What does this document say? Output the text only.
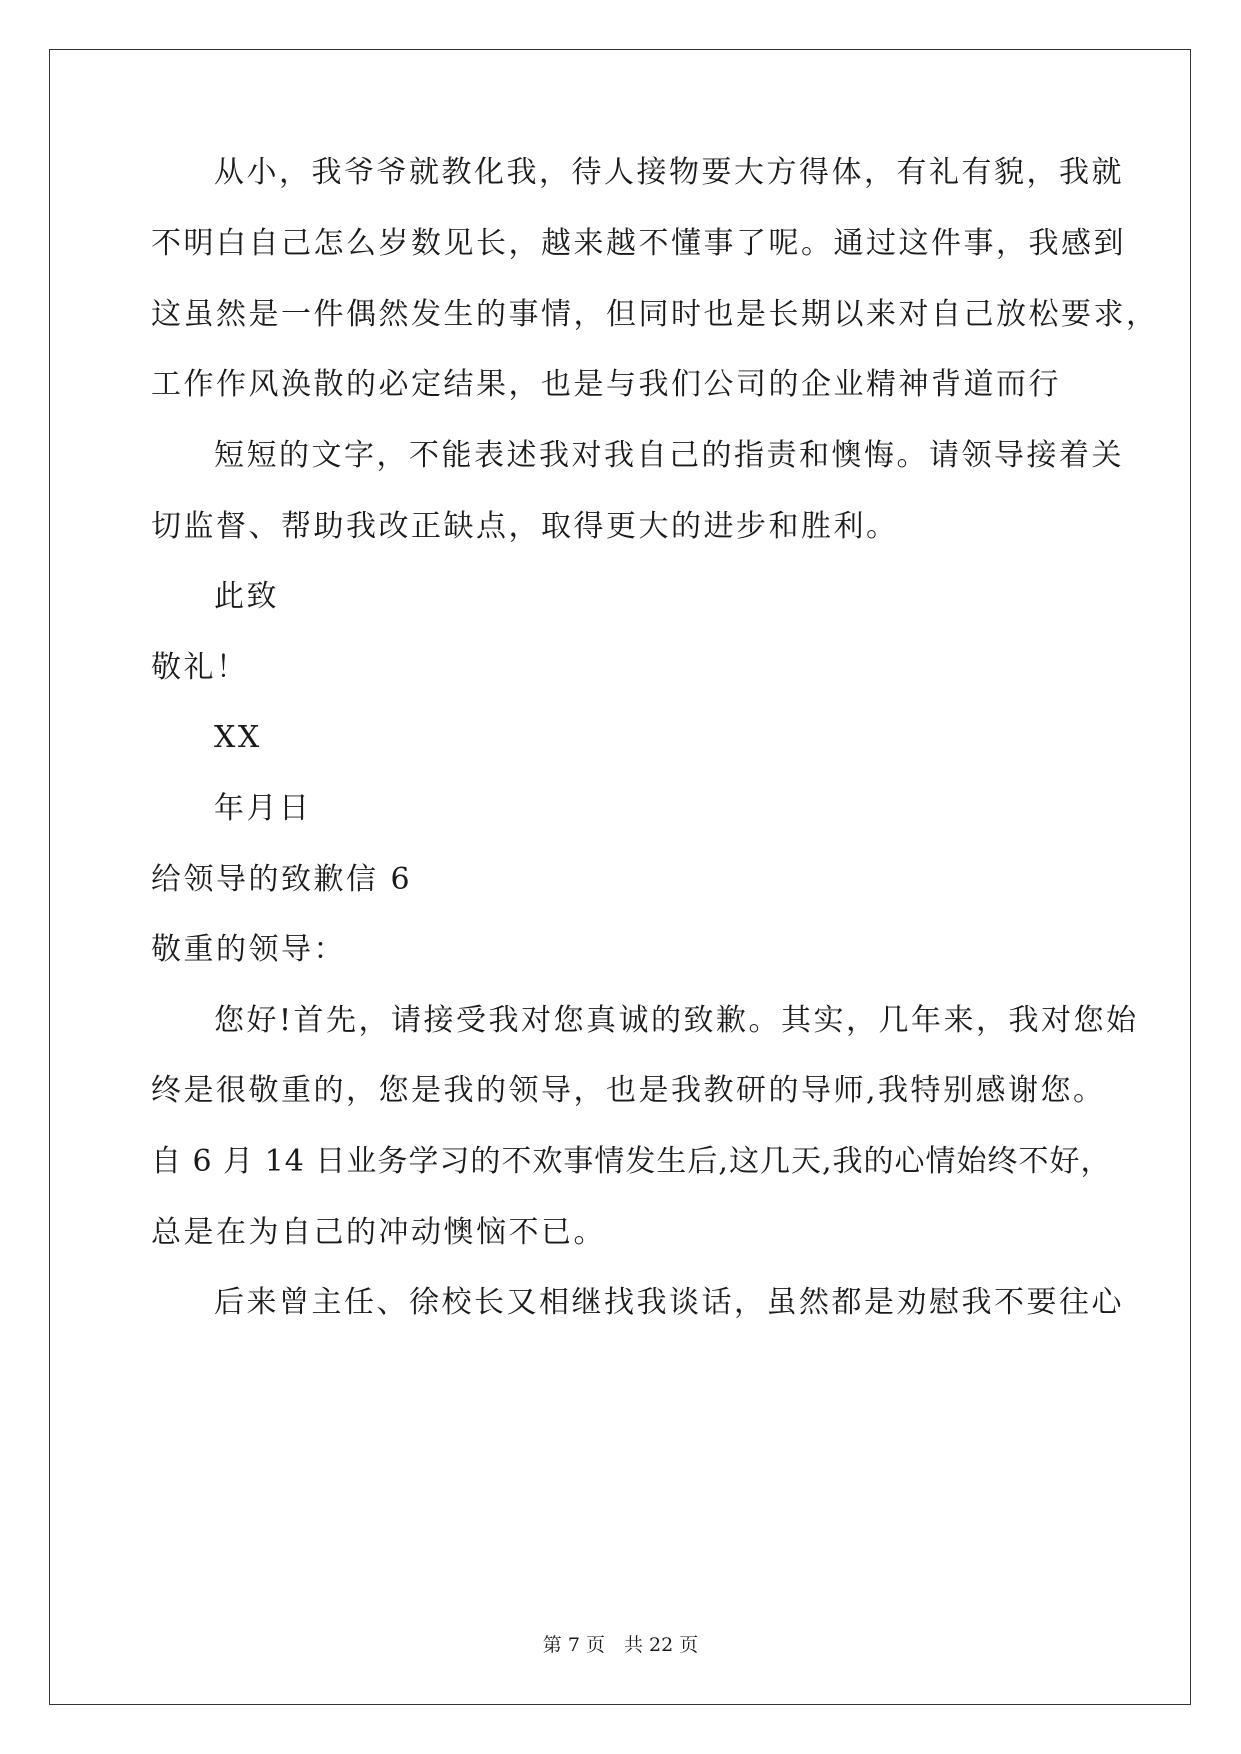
从小，我爷爷就教化我，待人接物要大方得体，有礼有貌，我就
不明白自己怎么岁数见长，越来越不懂事了呢。通过这件事，我感到
这虽然是一件偶然发生的事情，但同时也是长期以来对自己放松要求，
工作作风涣散的必定结果，也是与我们公司的企业精神背道而行
短短的文字，不能表述我对我自己的指责和懊悔。请领导接着关
切监督、帮助我改正缺点，取得更大的进步和胜利。
此致
敬礼！
XX
年月日
给领导的致歉信 6
敬重的领导：
您好!首先，请接受我对您真诚的致歉。其实，几年来，我对您始
终是很敬重的，您是我的领导，也是我教研的导师,我特别感谢您。
自 6 月 14 日业务学习的不欢事情发生后,这几天,我的心情始终不好，
总是在为自己的冲动懊恼不已。
后来曾主任、徐校长又相继找我谈话，虽然都是劝慰我不要往心
第 7 页　共 22 页
